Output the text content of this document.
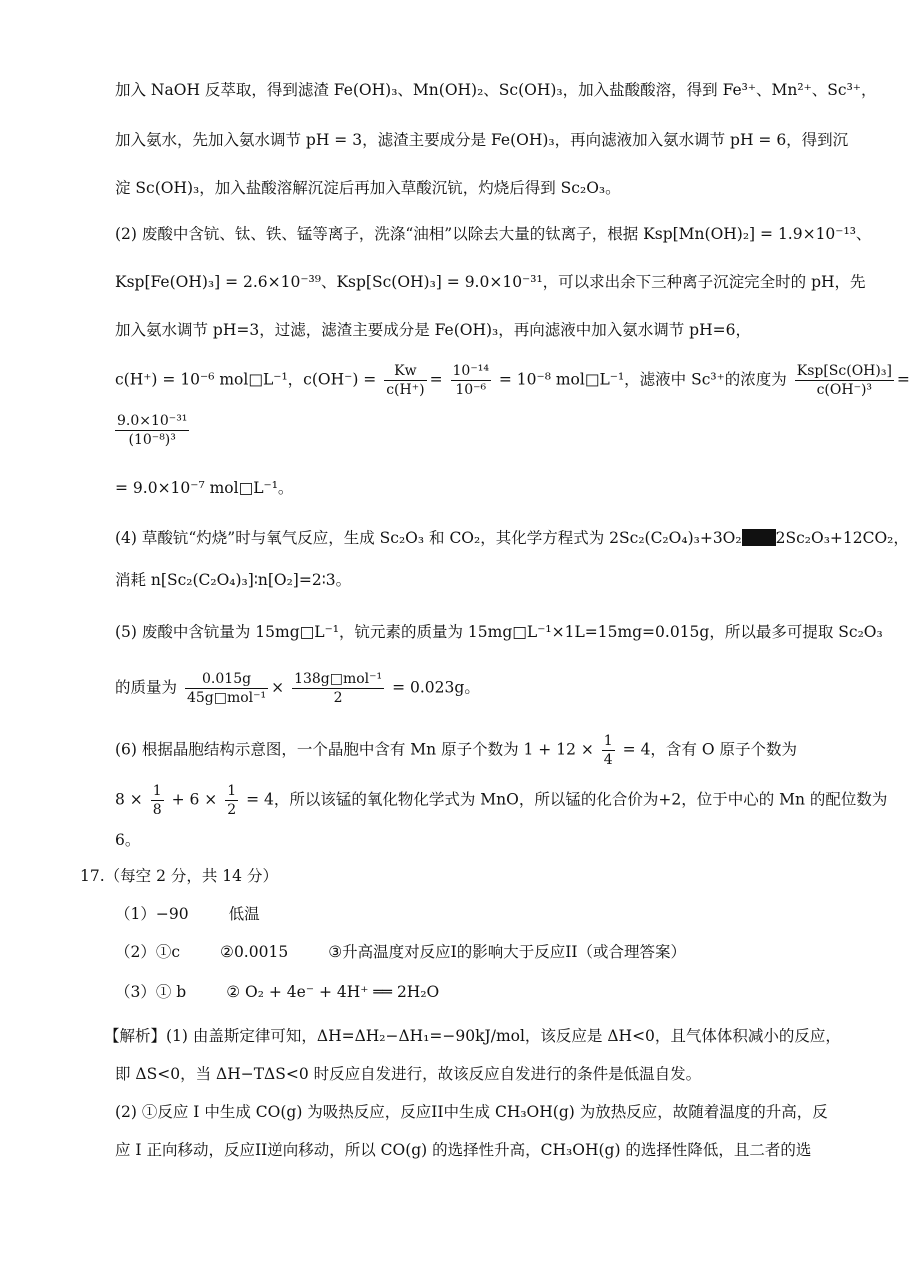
加入 NaOH 反萃取，得到滤渣 Fe(OH)₃、Mn(OH)₂、Sc(OH)₃，加入盐酸酸溶，得到 Fe³⁺、Mn²⁺、Sc³⁺，
加入氨水，先加入氨水调节 pH = 3，滤渣主要成分是 Fe(OH)₃，再向滤液加入氨水调节 pH = 6，得到沉
淀 Sc(OH)₃，加入盐酸溶解沉淀后再加入草酸沉钪，灼烧后得到 Sc₂O₃。
(2) 废酸中含钪、钛、铁、锰等离子，洗涤“油相”以除去大量的钛离子，根据 Ksp[Mn(OH)₂] = 1.9×10⁻¹³、
Ksp[Fe(OH)₃] = 2.6×10⁻³⁹、Ksp[Sc(OH)₃] = 9.0×10⁻³¹，可以求出余下三种离子沉淀完全时的 pH，先
加入氨水调节 pH=3，过滤，滤渣主要成分是 Fe(OH)₃，再向滤液中加入氨水调节 pH=6，
c(H⁺) = 10⁻⁶ mol□L⁻¹，$c(OH^-) = \frac{Kw}{c(H^+)} = \frac{\text{10⁻¹⁴}}{\text{10⁻⁶}} = 10^{-8}$ mol□L⁻¹，滤液中 Sc³⁺的浓度为 $\frac{\text{Ksp[Sc(OH)₃]}}{\text{c(OH⁻)³}}$ =
$\frac{\text{9.0×10⁻³¹}}{\text{(10⁻⁸)³}}$
= 9.0×10⁻⁷ mol□L⁻¹。
(4) 草酸钪“灼烧”时与氧气反应，生成 Sc₂O₃ 和 CO₂，其化学方程式为 2Sc₂(C₂O₄)₃+3O₂ 2Sc₂O₃+12CO₂，
消耗 n[Sc₂(C₂O₄)₃]∶n[O₂]=2∶3。
(5) 废酸中含钪量为 15mg□L⁻¹，钪元素的质量为 15mg□L⁻¹×1L=15mg=0.015g，所以最多可提取 Sc₂O₃
的质量为 $\frac{0.015g}{\text{45g□mol⁻¹}} \times \frac{\text{138g□mol⁻¹}}{2} = 0.023g$。
(6) 根据晶胞结构示意图，一个晶胞中含有 Mn 原子个数为 $1 + 12 \times \frac{1}{4} = 4$，含有 O 原子个数为
$8 \times \frac{1}{8} + 6 \times \frac{1}{2} = 4$，所以该锰的氧化物化学式为 MnO，所以锰的化合价为+2，位于中心的 Mn 的配位数为
6。
17.（每空 2 分，共 14 分）
（1）−90	低温
（2）①c	②0.0015	③升高温度对反应I的影响大于反应II（或合理答案）
（3）① b	② O₂ + 4e⁻ + 4H⁺ ══ 2H₂O
【解析】(1) 由盖斯定律可知，ΔH=ΔH₂−ΔH₁=−90kJ/mol，该反应是 ΔH<0，且气体体积减小的反应，
即 ΔS<0，当 ΔH−TΔS<0 时反应自发进行，故该反应自发进行的条件是低温自发。
(2) ①反应 I 中生成 CO(g) 为吸热反应，反应II中生成 CH₃OH(g) 为放热反应，故随着温度的升高，反
应 I 正向移动，反应II逆向移动，所以 CO(g) 的选择性升高，CH₃OH(g) 的选择性降低，且二者的选
